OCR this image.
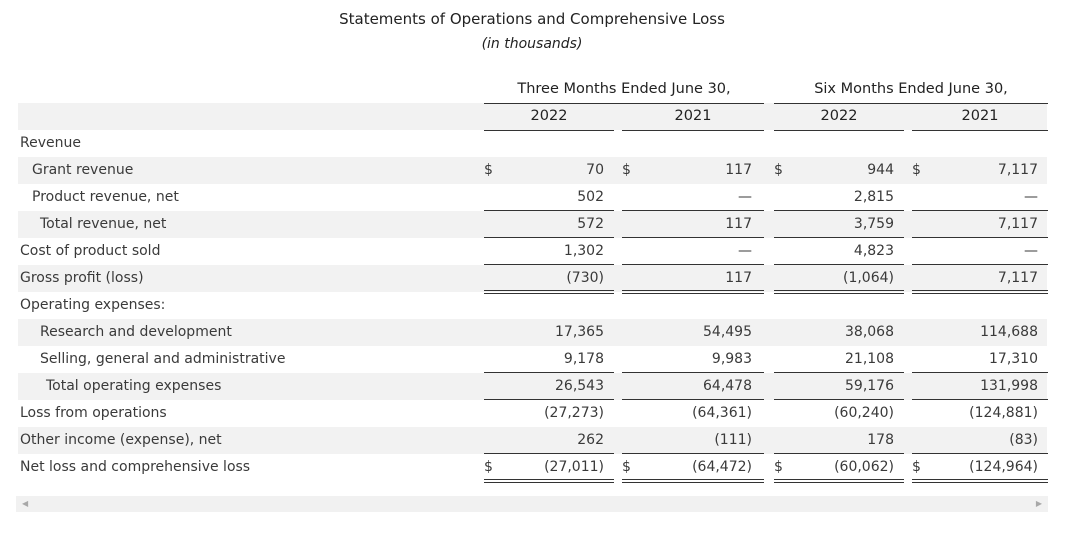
Statements of Operations and Comprehensive Loss
(in thousands)
Three Months Ended June 30,	Six Months Ended June 30,
2022	2021	2022	2021
Revenue
Grant revenue	$	70 $	117 $	944 $	7,117
Product revenue, net	502	—	2,815	—
Total revenue, net	572	117	3,759	7,117
Cost of product sold	1,302	—	4,823	—
Gross profit (loss)	(730)	117	(1,064)	7,117
Operating expenses:
Research and development	17,365	54,495	38,068	114,688
Selling, general and administrative	9,178	9,983	21,108	17,310
Total operating expenses	26,543	64,478	59,176	131,998
Loss from operations	(27,273)	(64,361)	(60,240)	(124,881)
Other income (expense), net	262	(111)	178	(83)
Net loss and comprehensive loss	$	(27,011) $	(64,472) $	(60,062) $	(124,964)
◀	▶
